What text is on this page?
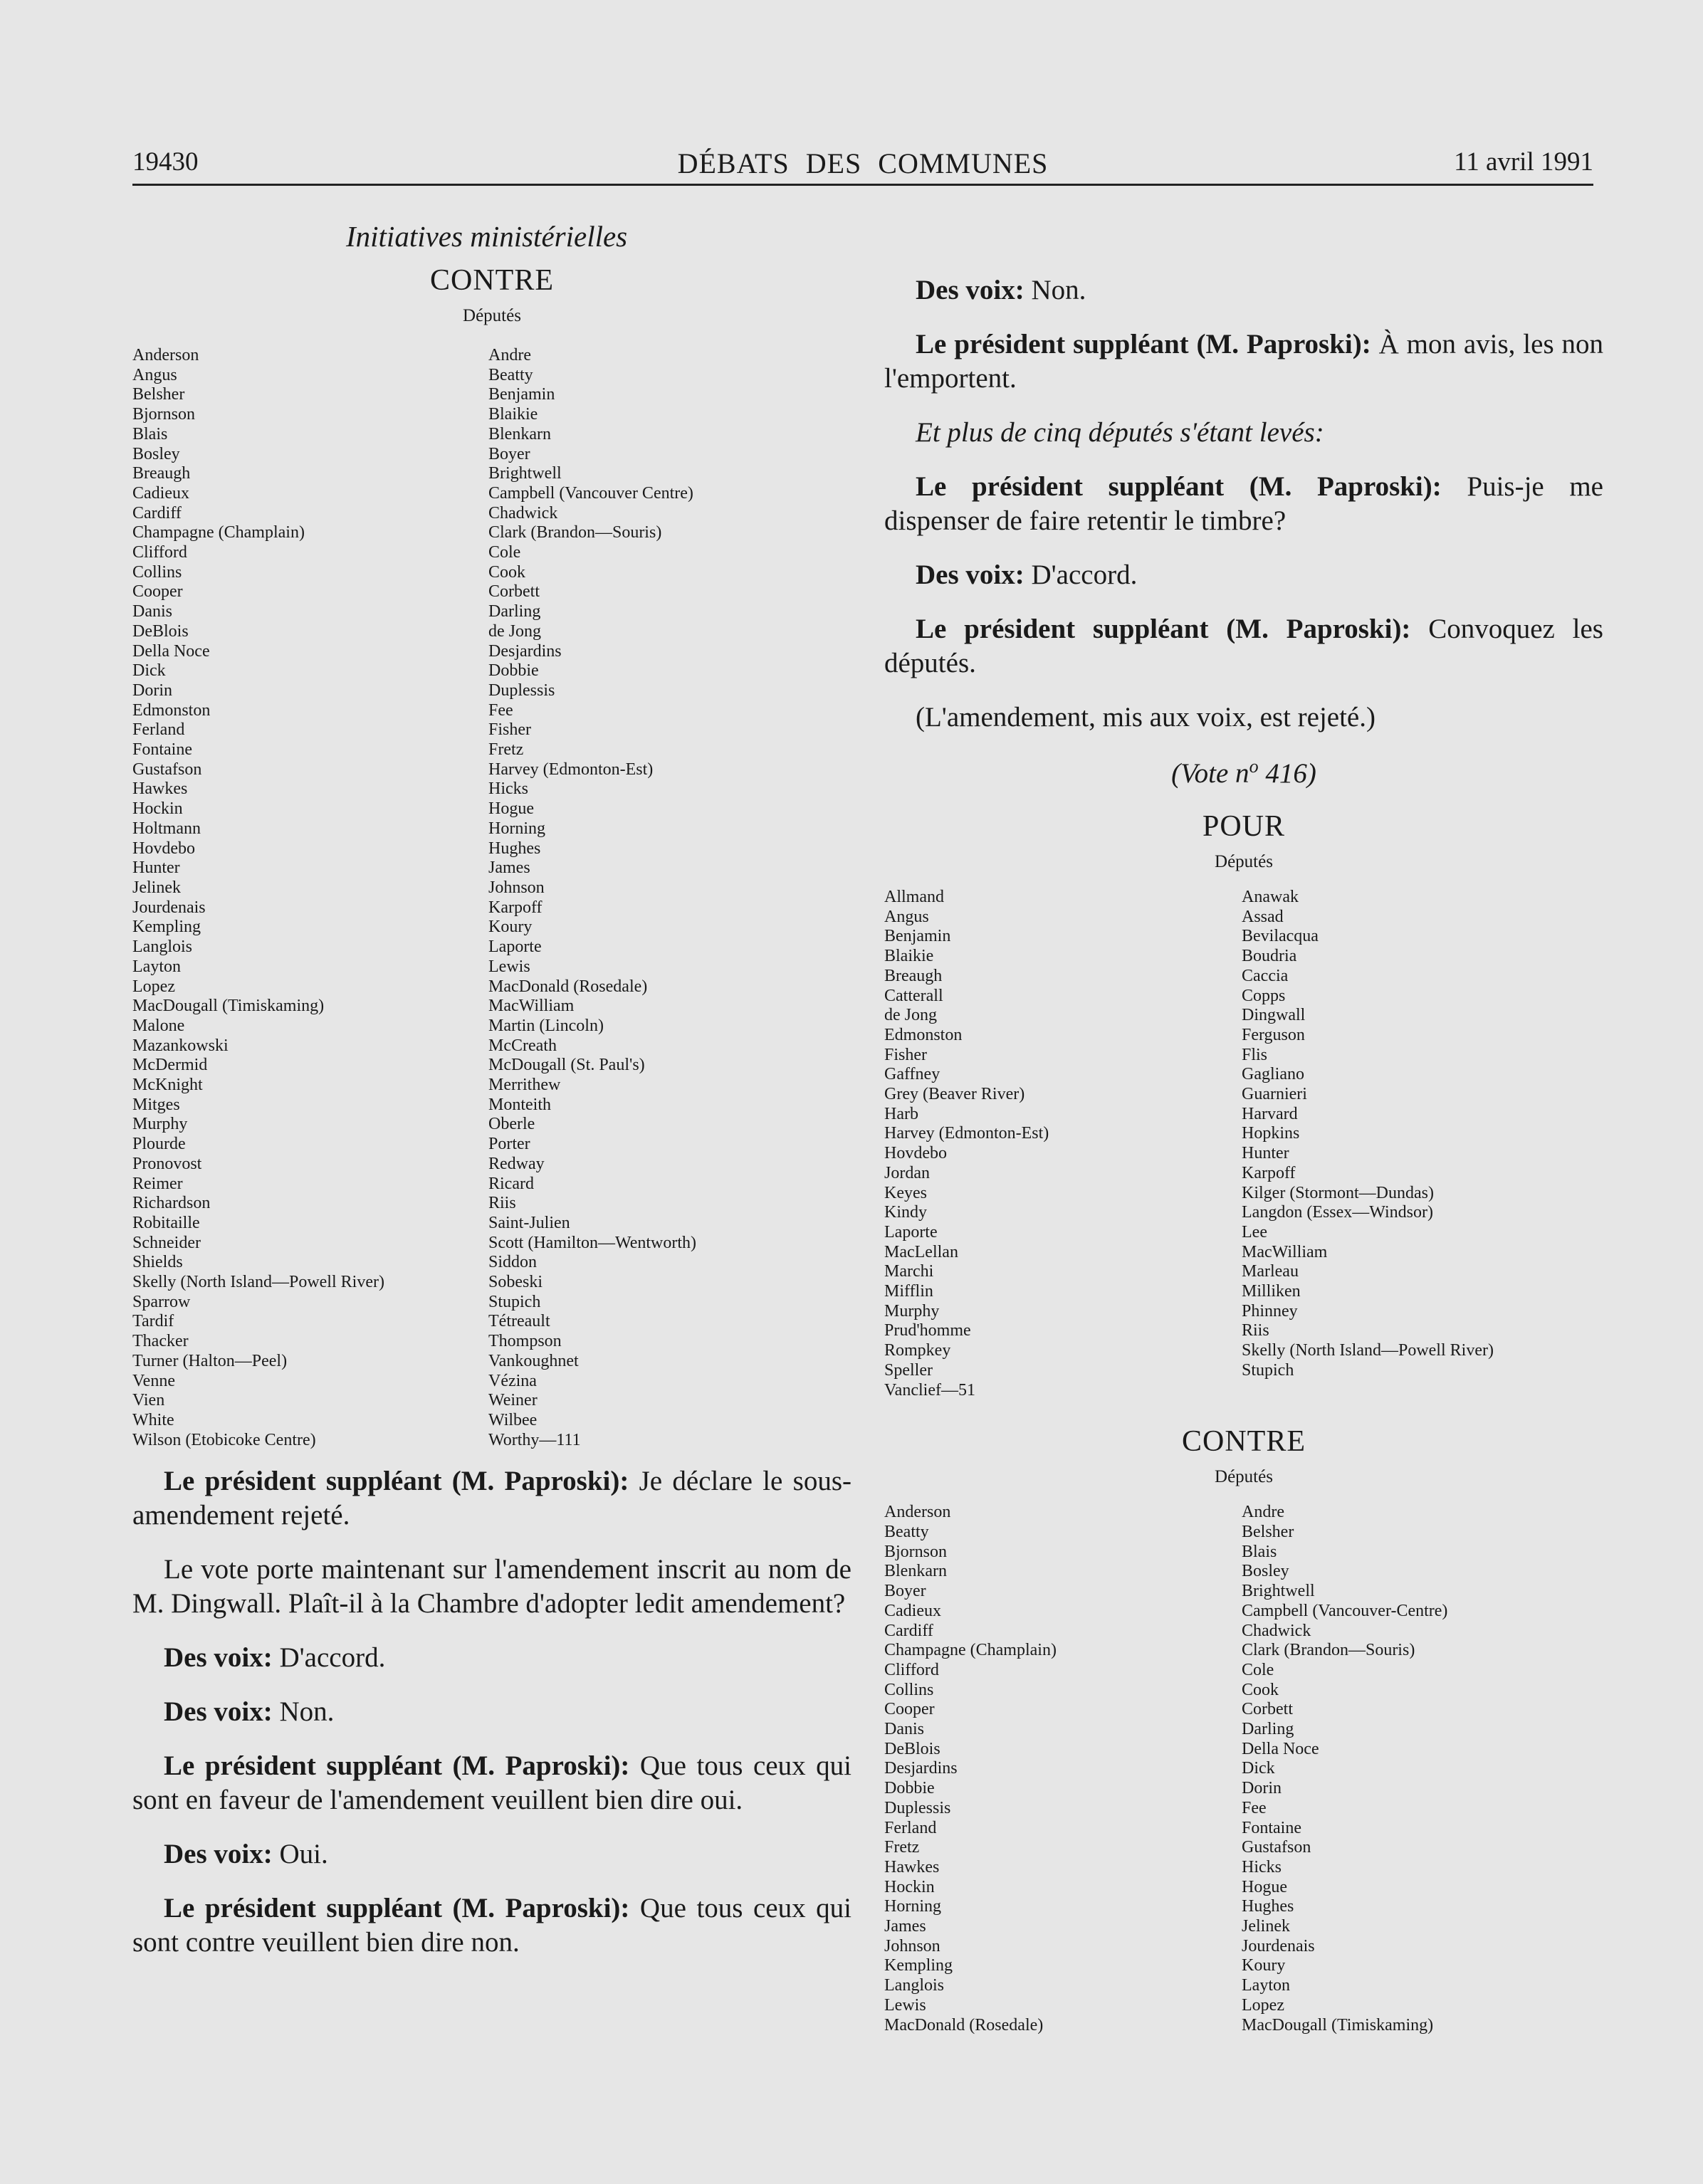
19430	DÉBATS DES COMMUNES	11 avril 1991
Initiatives ministérielles
CONTRE
Députés
Anderson
Angus
Belsher
Bjornson
Blais
Bosley
Breaugh
Cadieux
Cardiff
Champagne (Champlain)
Clifford
Collins
Cooper
Danis
DeBlois
Della Noce
Dick
Dorin
Edmonston
Ferland
Fontaine
Gustafson
Hawkes
Hockin
Holtmann
Hovdebo
Hunter
Jelinek
Jourdenais
Kempling
Langlois
Layton
Lopez
MacDougall (Timiskaming)
Malone
Mazankowski
McDermid
McKnight
Mitges
Murphy
Plourde
Pronovost
Reimer
Richardson
Robitaille
Schneider
Shields
Skelly (North Island—Powell River)
Sparrow
Tardif
Thacker
Turner (Halton—Peel)
Venne
Vien
White
Wilson (Etobicoke Centre)
Andre
Beatty
Benjamin
Blaikie
Blenkarn
Boyer
Brightwell
Campbell (Vancouver Centre)
Chadwick
Clark (Brandon—Souris)
Cole
Cook
Corbett
Darling
de Jong
Desjardins
Dobbie
Duplessis
Fee
Fisher
Fretz
Harvey (Edmonton-Est)
Hicks
Hogue
Horning
Hughes
James
Johnson
Karpoff
Koury
Laporte
Lewis
MacDonald (Rosedale)
MacWilliam
Martin (Lincoln)
McCreath
McDougall (St. Paul's)
Merrithew
Monteith
Oberle
Porter
Redway
Ricard
Riis
Saint-Julien
Scott (Hamilton—Wentworth)
Siddon
Sobeski
Stupich
Tétreault
Thompson
Vankoughnet
Vézina
Weiner
Wilbee
Worthy—111

Le président suppléant (M. Paproski): Je déclare le sous-amendement rejeté.

Le vote porte maintenant sur l'amendement inscrit au nom de M. Dingwall. Plaît-il à la Chambre d'adopter ledit amendement?

Des voix: D'accord.

Des voix: Non.

Le président suppléant (M. Paproski): Que tous ceux qui sont en faveur de l'amendement veuillent bien dire oui.

Des voix: Oui.

Le président suppléant (M. Paproski): Que tous ceux qui sont contre veuillent bien dire non.

Des voix: Non.

Le président suppléant (M. Paproski): À mon avis, les non l'emportent.

Et plus de cinq députés s'étant levés:

Le président suppléant (M. Paproski): Puis-je me dispenser de faire retentir le timbre?

Des voix: D'accord.

Le président suppléant (M. Paproski): Convoquez les députés.

(L'amendement, mis aux voix, est rejeté.)

(Vote $n^o$ 416)
POUR
Députés
Allmand
Angus
Benjamin
Blaikie
Breaugh
Catterall
de Jong
Edmonston
Fisher
Gaffney
Grey (Beaver River)
Harb
Harvey (Edmonton-Est)
Hovdebo
Jordan
Keyes
Kindy
Laporte
MacLellan
Marchi
Mifflin
Murphy
Prud'homme
Rompkey
Speller
Vanclief—51
Anawak
Assad
Bevilacqua
Boudria
Caccia
Copps
Dingwall
Ferguson
Flis
Gagliano
Guarnieri
Harvard
Hopkins
Hunter
Karpoff
Kilger (Stormont—Dundas)
Langdon (Essex—Windsor)
Lee
MacWilliam
Marleau
Milliken
Phinney
Riis
Skelly (North Island—Powell River)
Stupich
CONTRE
Députés
Anderson
Beatty
Bjornson
Blenkarn
Boyer
Cadieux
Cardiff
Champagne (Champlain)
Clifford
Collins
Cooper
Danis
DeBlois
Desjardins
Dobbie
Duplessis
Ferland
Fretz
Hawkes
Hockin
Horning
James
Johnson
Kempling
Langlois
Lewis
MacDonald (Rosedale)
Andre
Belsher
Blais
Bosley
Brightwell
Campbell (Vancouver-Centre)
Chadwick
Clark (Brandon—Souris)
Cole
Cook
Corbett
Darling
Della Noce
Dick
Dorin
Fee
Fontaine
Gustafson
Hicks
Hogue
Hughes
Jelinek
Jourdenais
Koury
Layton
Lopez
MacDougall (Timiskaming)
